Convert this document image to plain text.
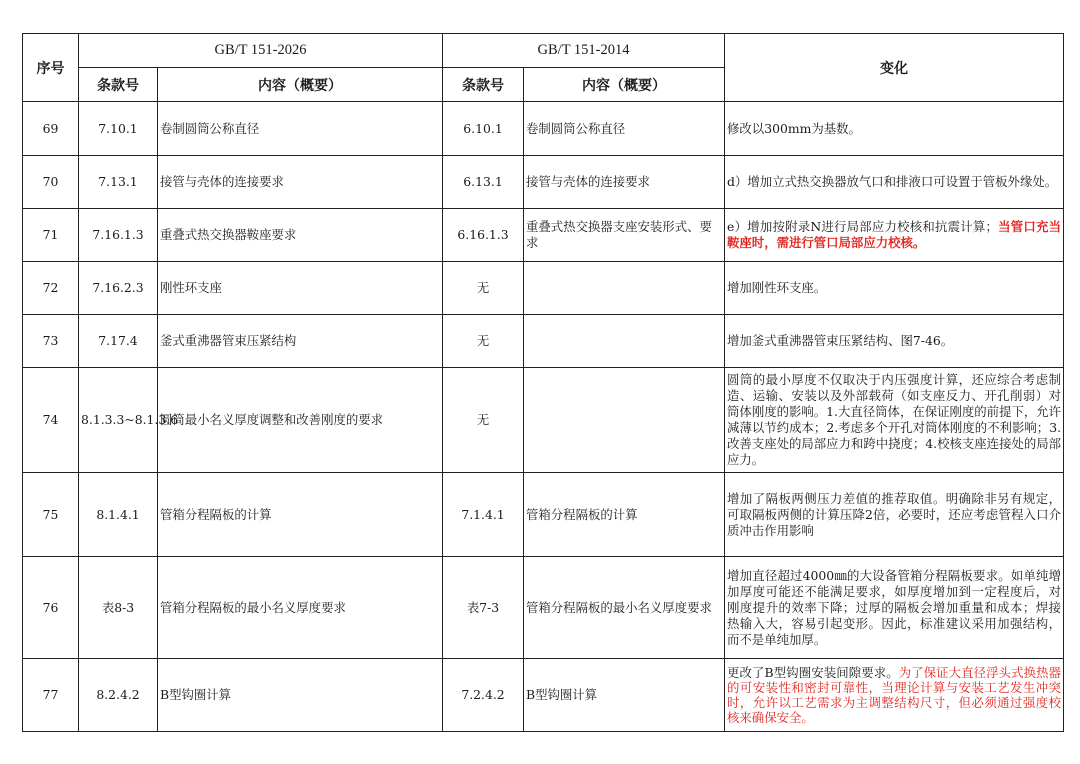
序号	GB/T 151-2026		GB/T 151-2014		变化
	条款号	内容（概要）	条款号	内容（概要）	
69	7.10.1	卷制圆筒公称直径	6.10.1	卷制圆筒公称直径	修改以300mm为基数。
70	7.13.1	接管与壳体的连接要求	6.13.1	接管与壳体的连接要求	d）增加立式热交换器放气口和排液口可设置于管板外缘处。
71	7.16.1.3	重叠式热交换器鞍座要求	6.16.1.3	重叠式热交换器支座安装形式、要求	e）增加按附录N进行局部应力校核和抗震计算；当管口充当鞍座时，需进行管口局部应力校核。
72	7.16.2.3	刚性环支座	无		增加刚性环支座。
73	7.17.4	釜式重沸器管束压紧结构	无		增加釜式重沸器管束压紧结构、图7-46。
74	8.1.3.3~8.1.3.6	圆筒最小名义厚度调整和改善刚度的要求	无		圆筒的最小厚度不仅取决于内压强度计算，还应综合考虑制造、运输、安装以及外部载荷（如支座反力、开孔削弱）对筒体刚度的影响。1.大直径筒体，在保证刚度的前提下，允许减薄以节约成本；2.考虑多个开孔对筒体刚度的不利影响；3.改善支座处的局部应力和跨中挠度；4.校核支座连接处的局部应力。
75	8.1.4.1	管箱分程隔板的计算	7.1.4.1	管箱分程隔板的计算	增加了隔板两侧压力差值的推荐取值。明确除非另有规定，可取隔板两侧的计算压降2倍，必要时，还应考虑管程入口介质冲击作用影响
76	表8-3	管箱分程隔板的最小名义厚度要求	表7-3	管箱分程隔板的最小名义厚度要求	增加直径超过4000㎜的大设备管箱分程隔板要求。如单纯增加厚度可能还不能满足要求，如厚度增加到一定程度后，对刚度提升的效率下降；过厚的隔板会增加重量和成本；焊接热输入大，容易引起变形。因此，标准建议采用加强结构，而不是单纯加厚。
77	8.2.4.2	B型钩圈计算	7.2.4.2	B型钩圈计算	更改了B型钩圈安装间隙要求。为了保证大直径浮头式换热器的可安装性和密封可靠性，当理论计算与安装工艺发生冲突时，允许以工艺需求为主调整结构尺寸，但必须通过强度校核来确保安全。
